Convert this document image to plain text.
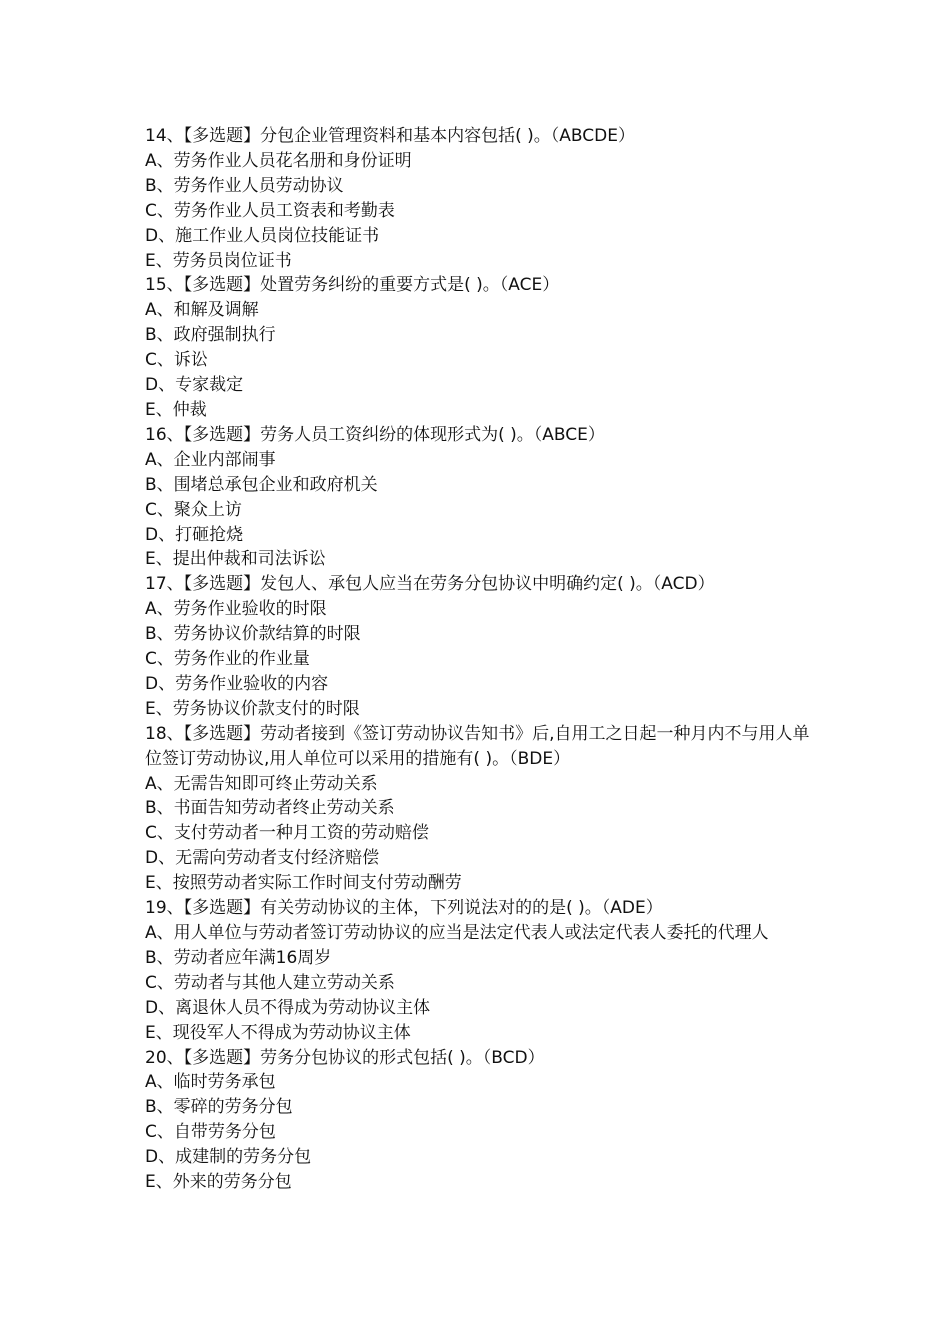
14、【多选题】分包企业管理资料和基本内容包括( )。（ABCDE）

A、劳务作业人员花名册和身份证明

B、劳务作业人员劳动协议

C、劳务作业人员工资表和考勤表

D、施工作业人员岗位技能证书

E、劳务员岗位证书

15、【多选题】处置劳务纠纷的重要方式是( )。（ACE）

A、和解及调解

B、政府强制执行

C、诉讼

D、专家裁定

E、仲裁

16、【多选题】劳务人员工资纠纷的体现形式为( )。（ABCE）

A、企业内部闹事

B、围堵总承包企业和政府机关

C、聚众上访

D、打砸抢烧

E、提出仲裁和司法诉讼

17、【多选题】发包人、承包人应当在劳务分包协议中明确约定( )。（ACD）

A、劳务作业验收的时限

B、劳务协议价款结算的时限

C、劳务作业的作业量

D、劳务作业验收的内容

E、劳务协议价款支付的时限

18、【多选题】劳动者接到《签订劳动协议告知书》后,自用工之日起一种月内不与用人单位签订劳动协议,用人单位可以采用的措施有( )。（BDE）

A、无需告知即可终止劳动关系

B、书面告知劳动者终止劳动关系

C、支付劳动者一种月工资的劳动赔偿

D、无需向劳动者支付经济赔偿

E、按照劳动者实际工作时间支付劳动酬劳

19、【多选题】有关劳动协议的主体，下列说法对的的是( )。（ADE）

A、用人单位与劳动者签订劳动协议的应当是法定代表人或法定代表人委托的代理人

B、劳动者应年满16周岁

C、劳动者与其他人建立劳动关系

D、离退休人员不得成为劳动协议主体

E、现役军人不得成为劳动协议主体

20、【多选题】劳务分包协议的形式包括( )。（BCD）

A、临时劳务承包

B、零碎的劳务分包

C、自带劳务分包

D、成建制的劳务分包

E、外来的劳务分包
